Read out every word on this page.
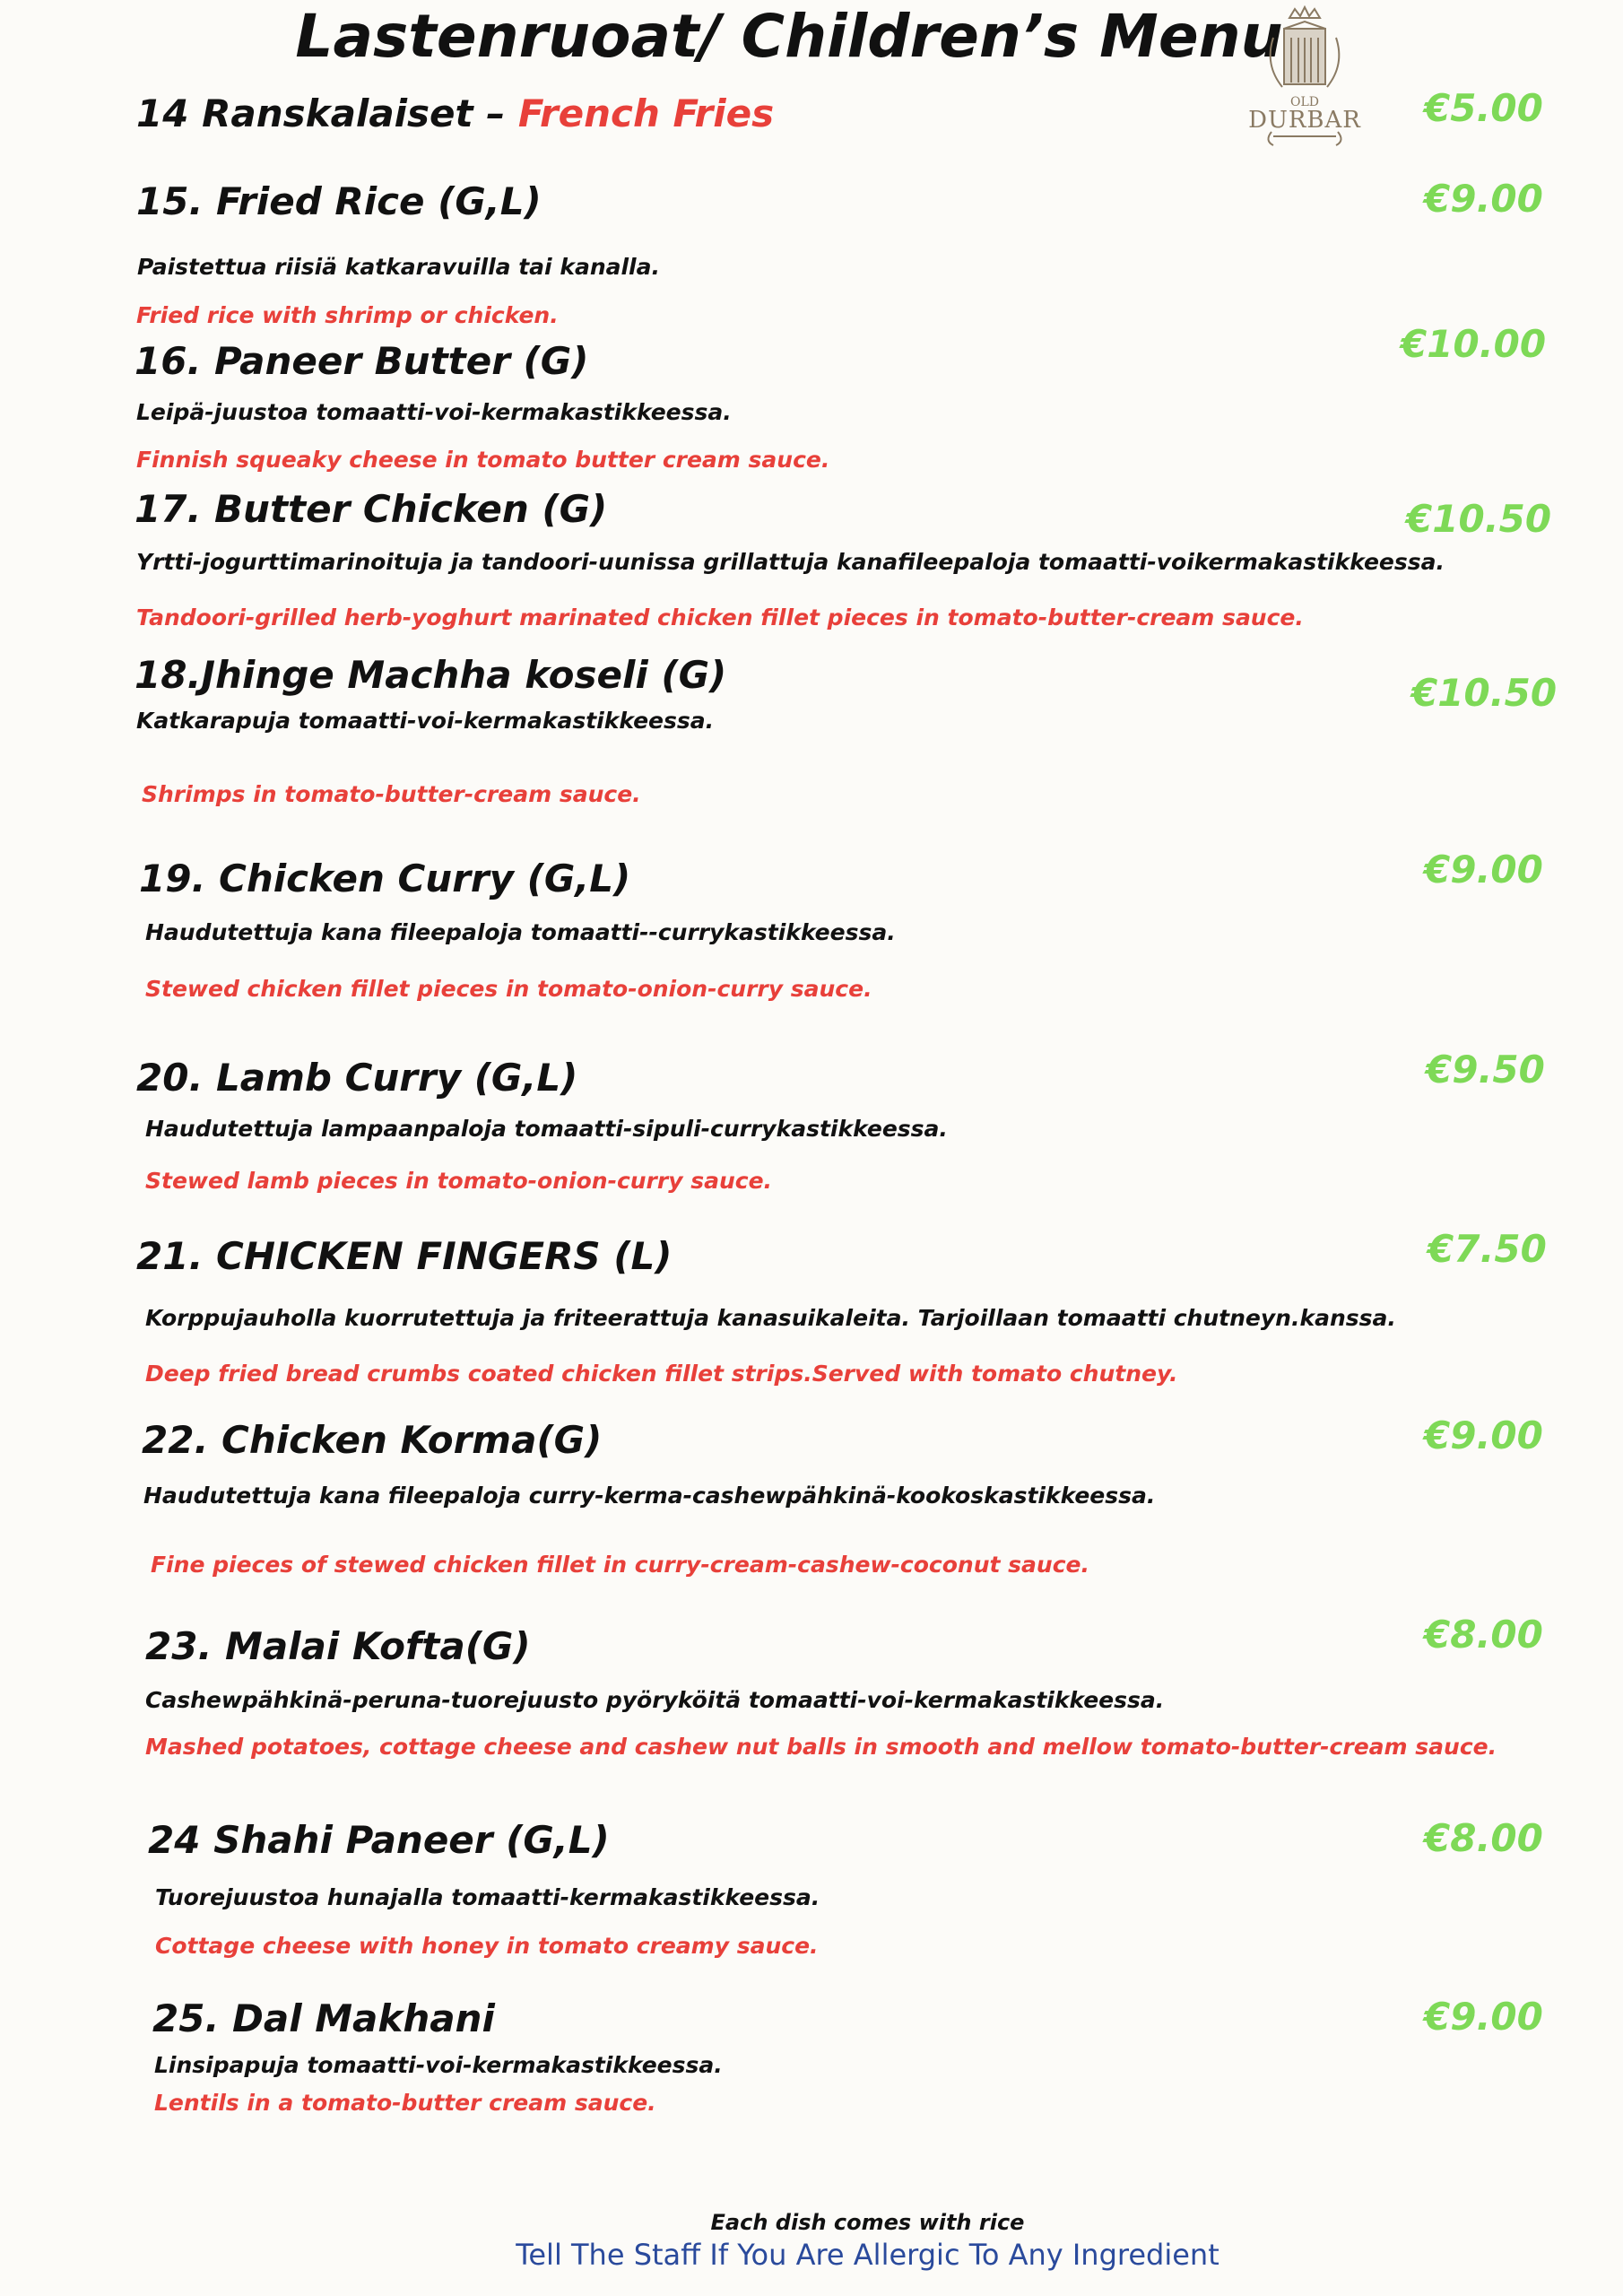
Lastenruoat/ Children’s Menu
OLD
DURBAR
14 Ranskalaiset – French Fries	€5.00
15. Fried Rice (G,L)	€9.00
Paistettua riisiä katkaravuilla tai kanalla.
Fried rice with shrimp or chicken.
16. Paneer Butter (G)	€10.00
Leipä-juustoa tomaatti-voi-kermakastikkeessa.
Finnish squeaky cheese in tomato butter cream sauce.
17. Butter Chicken (G)	€10.50
Yrtti-jogurttimarinoituja ja tandoori-uunissa grillattuja kanafileepaloja tomaatti-voikermakastikkeessa.
Tandoori-grilled herb-yoghurt marinated chicken fillet pieces in tomato-butter-cream sauce.
18.Jhinge Machha koseli (G)	€10.50
Katkarapuja tomaatti-voi-kermakastikkeessa.
Shrimps in tomato-butter-cream sauce.
19. Chicken Curry (G,L)	€9.00
Haudutettuja kana fileepaloja tomaatti--currykastikkeessa.
Stewed chicken fillet pieces in tomato-onion-curry sauce.
20. Lamb Curry (G,L)	€9.50
Haudutettuja lampaanpaloja tomaatti-sipuli-currykastikkeessa.
Stewed lamb pieces in tomato-onion-curry sauce.
21. CHICKEN FINGERS (L)	€7.50
Korppujauholla kuorrutettuja ja friteerattuja kanasuikaleita. Tarjoillaan tomaatti chutneyn.kanssa.
Deep fried bread crumbs coated chicken fillet strips.Served with tomato chutney.
22. Chicken Korma(G)	€9.00
Haudutettuja kana fileepaloja curry-kerma-cashewpähkinä-kookoskastikkeessa.
Fine pieces of stewed chicken fillet in curry-cream-cashew-coconut sauce.
23. Malai Kofta(G)	€8.00
Cashewpähkinä-peruna-tuorejuusto pyöryköitä tomaatti-voi-kermakastikkeessa.
Mashed potatoes, cottage cheese and cashew nut balls in smooth and mellow tomato-butter-cream sauce.
24 Shahi Paneer (G,L)	€8.00
Tuorejuustoa hunajalla tomaatti-kermakastikkeessa.
Cottage cheese with honey in tomato creamy sauce.
25. Dal Makhani	€9.00
Linsipapuja tomaatti-voi-kermakastikkeessa.
Lentils in a tomato-butter cream sauce.
Each dish comes with rice
Tell The Staff If You Are Allergic To Any Ingredient
